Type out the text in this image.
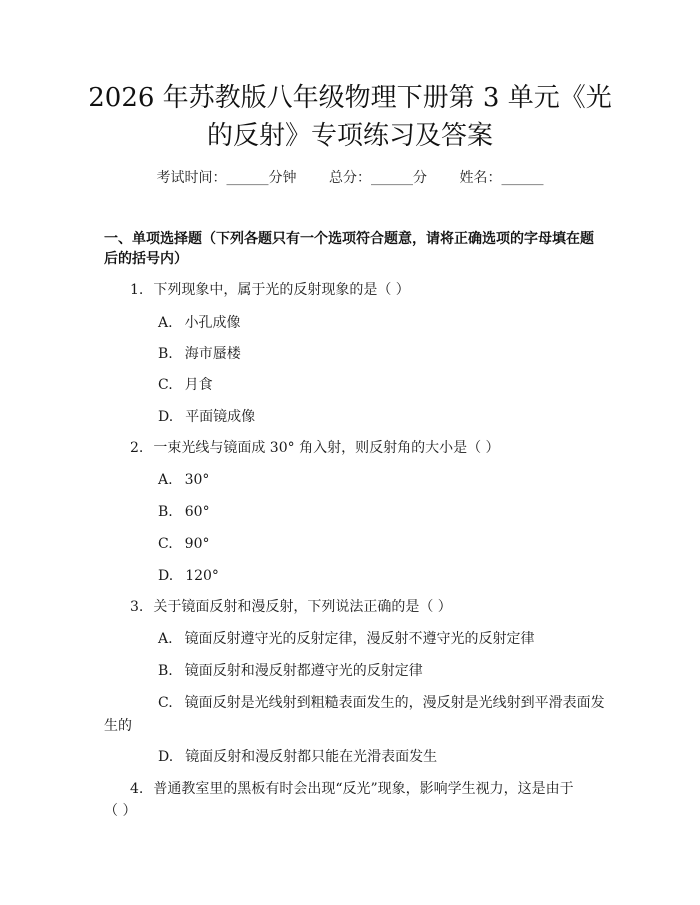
2026 年苏教版八年级物理下册第 3 单元《光
的反射》专项练习及答案
考试时间：______分钟 总分：______分 姓名：______
一、单项选择题（下列各题只有一个选项符合题意，请将正确选项的字母填在题
后的括号内）
1. 下列现象中，属于光的反射现象的是（ ）
A. 小孔成像
B. 海市蜃楼
C. 月食
D. 平面镜成像
2. 一束光线与镜面成 30° 角入射，则反射角的大小是（ ）
A. 30°
B. 60°
C. 90°
D. 120°
3. 关于镜面反射和漫反射，下列说法正确的是（ ）
A. 镜面反射遵守光的反射定律，漫反射不遵守光的反射定律
B. 镜面反射和漫反射都遵守光的反射定律
C. 镜面反射是光线射到粗糙表面发生的，漫反射是光线射到平滑表面发
生的
D. 镜面反射和漫反射都只能在光滑表面发生
4. 普通教室里的黑板有时会出现“反光”现象，影响学生视力，这是由于
（ ）
